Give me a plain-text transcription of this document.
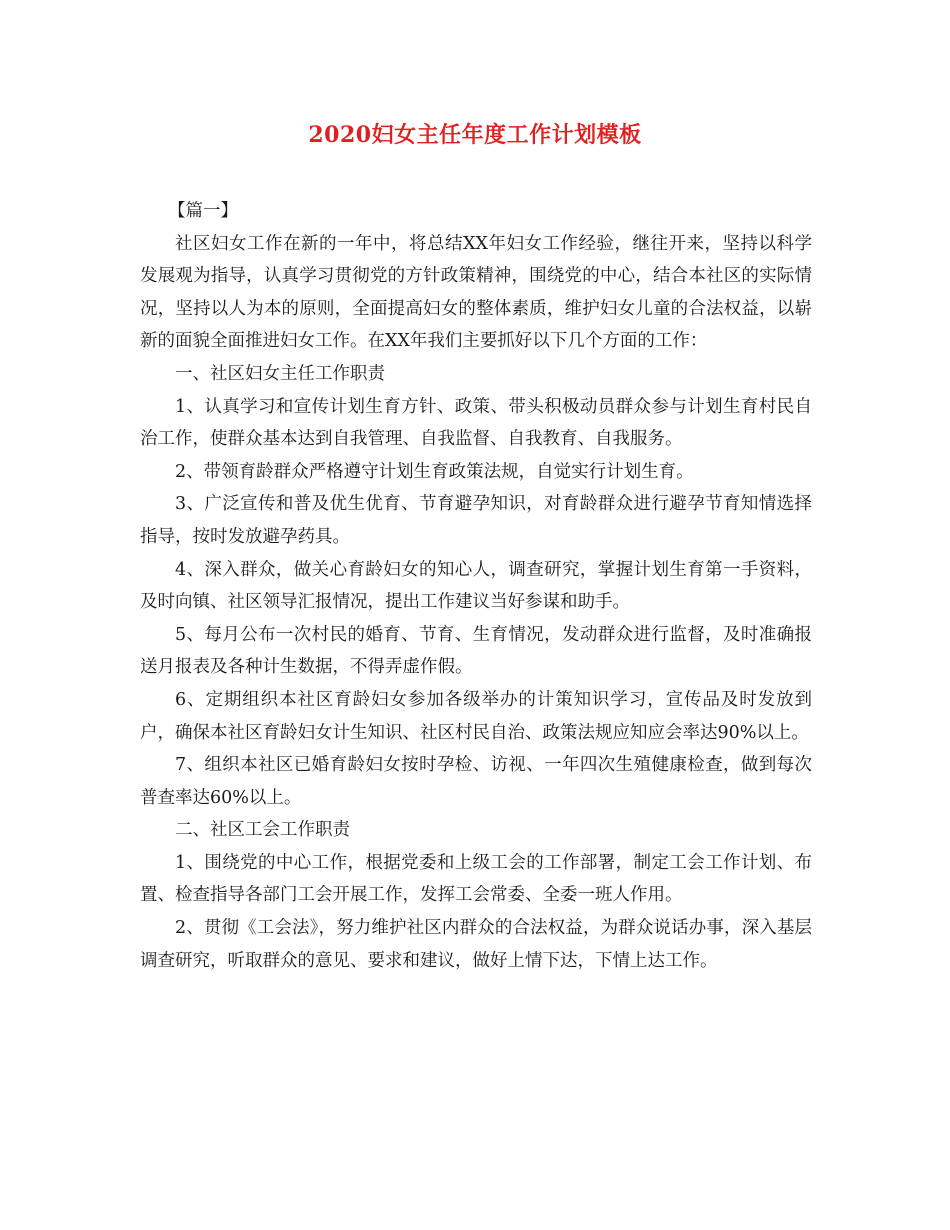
2020妇女主任年度工作计划模板

【篇一】

社区妇女工作在新的一年中，将总结XX年妇女工作经验，继往开来，坚持以科学发展观为指导，认真学习贯彻党的方针政策精神，围绕党的中心，结合本社区的实际情况，坚持以人为本的原则，全面提高妇女的整体素质，维护妇女儿童的合法权益，以崭新的面貌全面推进妇女工作。在XX年我们主要抓好以下几个方面的工作：

一、社区妇女主任工作职责

1、认真学习和宣传计划生育方针、政策、带头积极动员群众参与计划生育村民自治工作，使群众基本达到自我管理、自我监督、自我教育、自我服务。

2、带领育龄群众严格遵守计划生育政策法规，自觉实行计划生育。

3、广泛宣传和普及优生优育、节育避孕知识，对育龄群众进行避孕节育知情选择指导，按时发放避孕药具。

4、深入群众，做关心育龄妇女的知心人，调查研究，掌握计划生育第一手资料，及时向镇、社区领导汇报情况，提出工作建议当好参谋和助手。

5、每月公布一次村民的婚育、节育、生育情况，发动群众进行监督，及时准确报送月报表及各种计生数据，不得弄虚作假。

6、定期组织本社区育龄妇女参加各级举办的计策知识学习，宣传品及时发放到户，确保本社区育龄妇女计生知识、社区村民自治、政策法规应知应会率达90%以上。

7、组织本社区已婚育龄妇女按时孕检、访视、一年四次生殖健康检查，做到每次普查率达60%以上。

二、社区工会工作职责

1、围绕党的中心工作，根据党委和上级工会的工作部署，制定工会工作计划、布置、检查指导各部门工会开展工作，发挥工会常委、全委一班人作用。

2、贯彻《工会法》，努力维护社区内群众的合法权益，为群众说话办事，深入基层调查研究，听取群众的意见、要求和建议，做好上情下达，下情上达工作。
